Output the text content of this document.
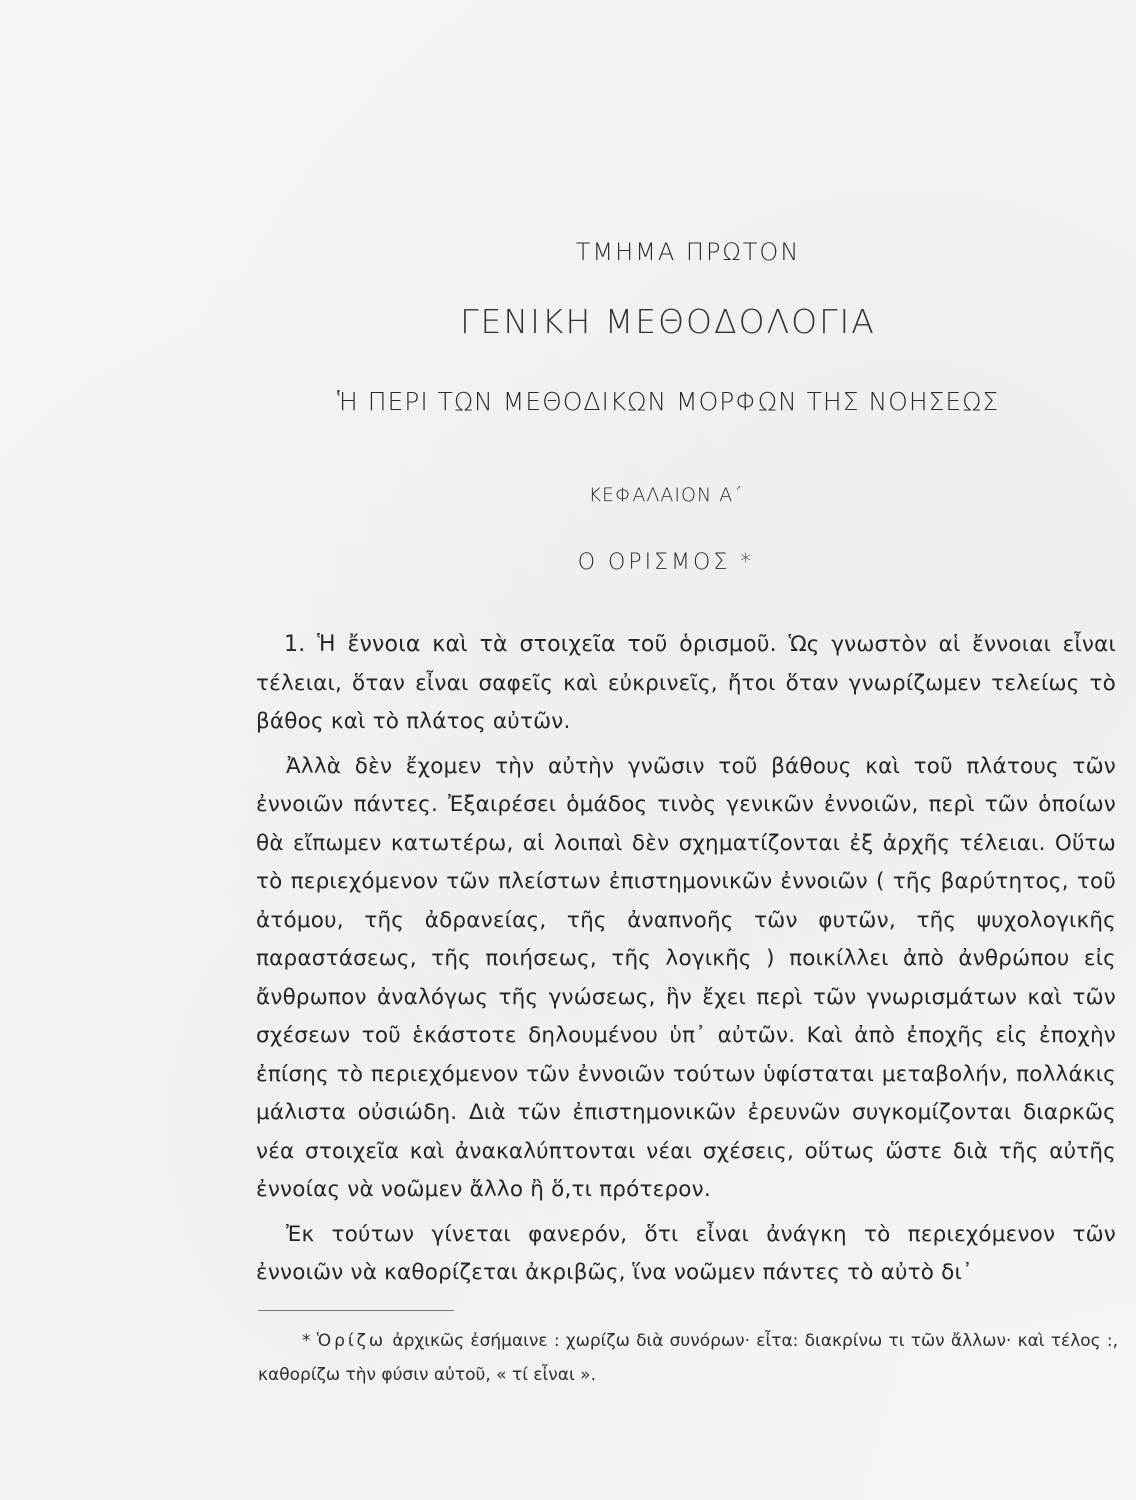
ΤΜΗΜΑ ΠΡΩΤΟΝ
ΓΕΝΙΚΗ ΜΕΘΟΔΟΛΟΓΙΑ
Ἡ ΠΕΡΙ ΤΩΝ ΜΕΘΟΔΙΚΩΝ ΜΟΡΦΩΝ ΤΗΣ ΝΟΗΣΕΩΣ
ΚΕΦΑΛΑΙΟΝ Α΄
Ο ΟΡΙΣΜΟΣ *

1. Ἡ ἔννοια καὶ τὰ στοιχεῖα τοῦ ὁρισμοῦ. Ὡς γνωστὸν αἱ ἔννοιαι εἶναι τέλειαι, ὅταν εἶναι σαφεῖς καὶ εὐκρινεῖς, ἤτοι ὅταν γνωρίζωμεν τελείως τὸ βάθος καὶ τὸ πλάτος αὐτῶν.

Ἀλλὰ δὲν ἔχομεν τὴν αὐτὴν γνῶσιν τοῦ βάθους καὶ τοῦ πλάτους τῶν ἐννοιῶν πάντες. Ἐξαιρέσει ὁμάδος τινὸς γενικῶν ἐννοιῶν, περὶ τῶν ὁποίων θὰ εἴπωμεν κατωτέρω, αἱ λοιπαὶ δὲν σχηματίζονται ἐξ ἀρχῆς τέλειαι. Οὕτω τὸ περιεχόμενον τῶν πλείστων ἐπιστημονικῶν ἐννοιῶν ( τῆς βαρύτητος, τοῦ ἀτόμου, τῆς ἀδρανείας, τῆς ἀναπνοῆς τῶν φυτῶν, τῆς ψυχολογικῆς παραστάσεως, τῆς ποιήσεως, τῆς λογικῆς ) ποικίλλει ἀπὸ ἀνθρώπου εἰς ἄνθρωπον ἀναλόγως τῆς γνώσεως, ἣν ἔχει περὶ τῶν γνωρισμάτων καὶ τῶν σχέσεων τοῦ ἑκάστοτε δηλουμένου ὑπ᾽ αὐτῶν. Καὶ ἀπὸ ἐποχῆς εἰς ἐποχὴν ἐπίσης τὸ περιεχόμενον τῶν ἐννοιῶν τούτων ὑφίσταται μεταβολήν, πολλάκις μάλιστα οὐσιώδη. Διὰ τῶν ἐπιστημονικῶν ἐρευνῶν συγκομίζονται διαρκῶς νέα στοιχεῖα καὶ ἀνακαλύπτονται νέαι σχέσεις, οὕτως ὥστε διὰ τῆς αὐτῆς ἐννοίας νὰ νοῶμεν ἄλλο ἢ ὅ,τι πρότερον.

Ἐκ τούτων γίνεται φανερόν, ὅτι εἶναι ἀνάγκη τὸ περιεχόμενον τῶν ἐννοιῶν νὰ καθορίζεται ἀκριβῶς, ἵνα νοῶμεν πάντες τὸ αὐτὸ δι᾽

* Ὁρίζω ἀρχικῶς ἐσήμαινε : χωρίζω διὰ συνόρων· εἶτα: διακρίνω τι τῶν ἄλλων· καὶ τέλος :, καθορίζω τὴν φύσιν αὐτοῦ, « τί εἶναι ».
